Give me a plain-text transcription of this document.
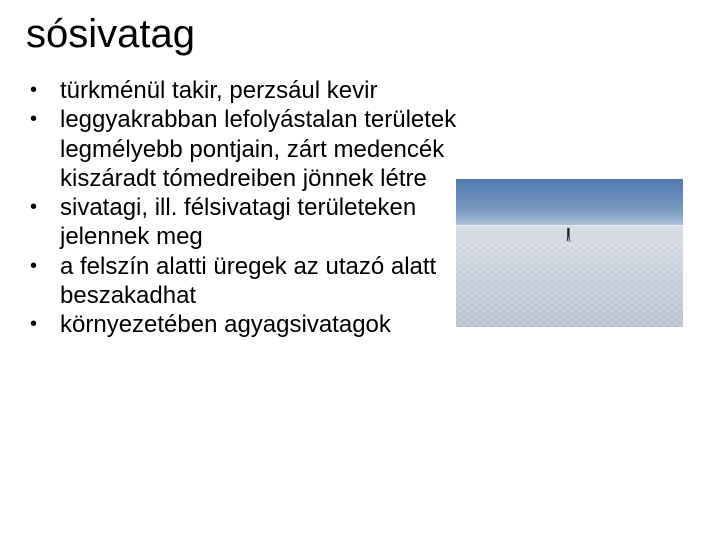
sósivatag
• türkménül takir, perzsául kevir
• leggyakrabban lefolyástalan területek legmélyebb pontjain, zárt medencék kiszáradt tómedreiben jönnek létre
• sivatagi, ill. félsivatagi területeken jelennek meg
• a felszín alatti üregek az utazó alatt beszakadhat
• környezetében agyagsivatagok
